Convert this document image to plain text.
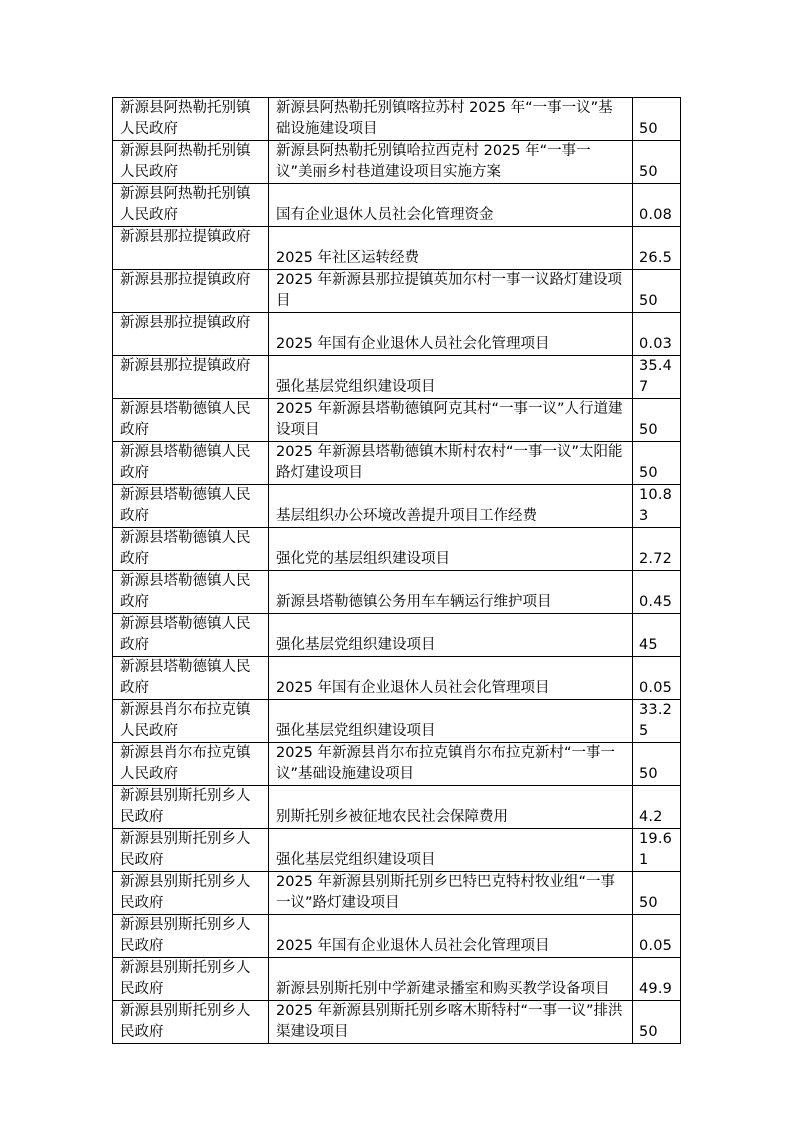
新源县阿热勒托别镇人民政府	新源县阿热勒托别镇喀拉苏村 2025 年“一事一议”基础设施建设项目	50

新源县阿热勒托别镇人民政府	新源县阿热勒托别镇哈拉西克村 2025 年“一事一议”美丽乡村巷道建设项目实施方案	50

新源县阿热勒托别镇人民政府	国有企业退休人员社会化管理资金	0.08

新源县那拉提镇政府	2025 年社区运转经费	26.5

新源县那拉提镇政府	2025 年新源县那拉提镇英加尔村一事一议路灯建设项目	50

新源县那拉提镇政府	2025 年国有企业退休人员社会化管理项目	0.03

新源县那拉提镇政府	强化基层党组织建设项目	35.47

新源县塔勒德镇人民政府	2025 年新源县塔勒德镇阿克其村“一事一议”人行道建设项目	50

新源县塔勒德镇人民政府	2025 年新源县塔勒德镇木斯村农村“一事一议”太阳能路灯建设项目	50

新源县塔勒德镇人民政府	基层组织办公环境改善提升项目工作经费	10.83

新源县塔勒德镇人民政府	强化党的基层组织建设项目	2.72

新源县塔勒德镇人民政府	新源县塔勒德镇公务用车车辆运行维护项目	0.45

新源县塔勒德镇人民政府	强化基层党组织建设项目	45

新源县塔勒德镇人民政府	2025 年国有企业退休人员社会化管理项目	0.05

新源县肖尔布拉克镇人民政府	强化基层党组织建设项目	33.25

新源县肖尔布拉克镇人民政府	2025 年新源县肖尔布拉克镇肖尔布拉克新村“一事一议”基础设施建设项目	50

新源县别斯托别乡人民政府	别斯托别乡被征地农民社会保障费用	4.2

新源县别斯托别乡人民政府	强化基层党组织建设项目	19.61

新源县别斯托别乡人民政府	2025 年新源县别斯托别乡巴特巴克特村牧业组“一事一议”路灯建设项目	50

新源县别斯托别乡人民政府	2025 年国有企业退休人员社会化管理项目	0.05

新源县别斯托别乡人民政府	新源县别斯托别中学新建录播室和购买教学设备项目	49.9

新源县别斯托别乡人民政府	2025 年新源县别斯托别乡喀木斯特村“一事一议”排洪渠建设项目	50
